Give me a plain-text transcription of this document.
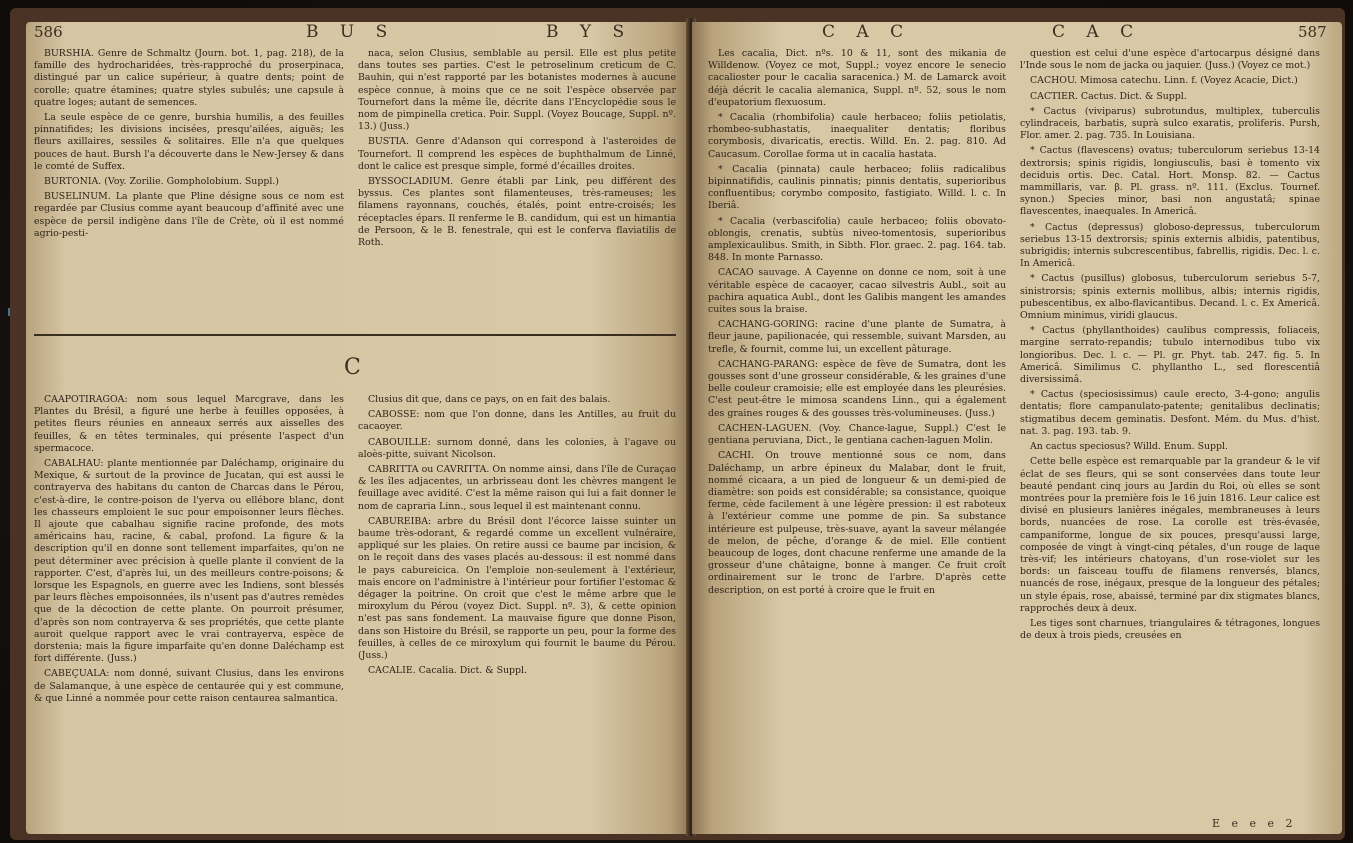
586	B U S	B Y S

BURSHIA. Genre de Schmaltz (Journ. bot. 1, pag. 218), de la famille des hydrocharidées, très-rapproché du proserpinaca, distingué par un calice supérieur, à quatre dents; point de corolle; quatre étamines; quatre styles subulés; une capsule à quatre loges; autant de semences.

La seule espèce de ce genre, burshia humilis, a des feuilles pinnatifides; les divisions incisées, presqu'ailées, aiguës; les fleurs axillaires, sessiles & solitaires. Elle n'a que quelques pouces de haut. Bursh l'a découverte dans le New-Jersey & dans le comté de Suffex.

BURTONIA. (Voy. Zorilie. Gompholobium. Suppl.)

BUSELINUM. La plante que Pline désigne sous ce nom est regardée par Clusius comme ayant beaucoup d'affinité avec une espèce de persil indigène dans l'île de Crète, où il est nommé agrio-pesti-

naca, selon Clusius, semblable au persil. Elle est plus petite dans toutes ses parties. C'est le petroselinum creticum de C. Bauhin, qui n'est rapporté par les botanistes modernes à aucune espèce connue, à moins que ce ne soit l'espèce observée par Tournefort dans la même île, décrite dans l'Encyclopédie sous le nom de pimpinella cretica. Poir. Suppl. (Voyez Boucage, Suppl. nº. 13.) (Juss.)

BUSTIA. Genre d'Adanson qui correspond à l'asteroides de Tournefort. Il comprend les espèces de buphthalmum de Linné, dont le calice est presque simple, formé d'écailles droites.

BYSSOCLADIUM. Genre établi par Link, peu différent des byssus. Ces plantes sont filamenteuses, très-rameuses; les filamens rayonnans, couchés, étalés, point entre-croisés; les réceptacles épars. Il renferme le B. candidum, qui est un himantia de Persoon, & le B. fenestrale, qui est le conferva flaviatilis de Roth.

C

CAAPOTIRAGOA: nom sous lequel Marcgrave, dans les Plantes du Brésil, a figuré une herbe à feuilles opposées, à petites fleurs réunies en anneaux serrés aux aisselles des feuilles, & en têtes terminales, qui présente l'aspect d'un spermacoce.

CABALHAU: plante mentionnée par Daléchamp, originaire du Mexique, & surtout de la province de Jucatan, qui est aussi le contrayerva des habitans du canton de Charcas dans le Pérou, c'est-à-dire, le contre-poison de l'yerva ou ellébore blanc, dont les chasseurs emploient le suc pour empoisonner leurs flèches. Il ajoute que cabalhau signifie racine profonde, des mots américains hau, racine, & cabal, profond. La figure & la description qu'il en donne sont tellement imparfaites, qu'on ne peut déterminer avec précision à quelle plante il convient de la rapporter. C'est, d'après lui, un des meilleurs contre-poisons; & lorsque les Espagnols, en guerre avec les Indiens, sont blessés par leurs flèches empoisonnées, ils n'usent pas d'autres remèdes que de la décoction de cette plante. On pourroit présumer, d'après son nom contrayerva & ses propriétés, que cette plante auroit quelque rapport avec le vrai contrayerva, espèce de dorstenia; mais la figure imparfaite qu'en donne Daléchamp est fort différente. (Juss.)

CABEÇUALA: nom donné, suivant Clusius, dans les environs de Salamanque, à une espèce de centaurée qui y est commune, & que Linné a nommée pour cette raison centaurea salmantica.

Clusius dit que, dans ce pays, on en fait des balais.

CABOSSE: nom que l'on donne, dans les Antilles, au fruit du cacaoyer.

CABOUILLE: surnom donné, dans les colonies, à l'agave ou aloès-pitte, suivant Nicolson.

CABRITTA ou CAVRITTA. On nomme ainsi, dans l'île de Curaçao & les îles adjacentes, un arbrisseau dont les chèvres mangent le feuillage avec avidité. C'est la même raison qui lui a fait donner le nom de capraria Linn., sous lequel il est maintenant connu.

CABUREIBA: arbre du Brésil dont l'écorce laisse suinter un baume très-odorant, & regardé comme un excellent vulnéraire, appliqué sur les plaies. On retire aussi ce baume par incision, & on le reçoit dans des vases placés au-dessous: il est nommé dans le pays cabureicica. On l'emploie non-seulement à l'extérieur, mais encore on l'administre à l'intérieur pour fortifier l'estomac & dégager la poitrine. On croit que c'est le même arbre que le miroxylum du Pérou (voyez Dict. Suppl. nº. 3), & cette opinion n'est pas sans fondement. La mauvaise figure que donne Pison, dans son Histoire du Brésil, se rapporte un peu, pour la forme des feuilles, à celles de ce miroxylum qui fournit le baume du Pérou. (Juss.)

CACALIE. Cacalia. Dict. & Suppl.

C A C	C A C	587

Les cacalia, Dict. nºs. 10 & 11, sont des mikania de Willdenow. (Voyez ce mot, Suppl.; voyez encore le senecio cacalioster pour le cacalia saracenica.) M. de Lamarck avoit déjà décrit le cacalia alemanica, Suppl. nº. 52, sous le nom d'eupatorium flexuosum.

* Cacalia (rhombifolia) caule herbaceo; foliis petiolatis, rhombeo-subhastatis, inaequaliter dentatis; floribus corymbosis, divaricatis, erectis. Willd. En. 2. pag. 810. Ad Caucasum. Corollae forma ut in cacalia hastata.

* Cacalia (pinnata) caule herbaceo; foliis radicalibus bipinnatifidis, caulinis pinnatis; pinnis dentatis, superioribus confluentibus; corymbo composito, fastigiato. Willd. l. c. In Iberiâ.

* Cacalia (verbascifolia) caule herbaceo; foliis obovato-oblongis, crenatis, subtùs niveo-tomentosis, superioribus amplexicaulibus. Smith, in Sibth. Flor. graec. 2. pag. 164. tab. 848. In monte Parnasso.

CACAO sauvage. A Cayenne on donne ce nom, soit à une véritable espèce de cacaoyer, cacao silvestris Aubl., soit au pachira aquatica Aubl., dont les Galibis mangent les amandes cuites sous la braise.

CACHANG-GORING: racine d'une plante de Sumatra, à fleur jaune, papilionacée, qui ressemble, suivant Marsden, au trefle, & fournit, comme lui, un excellent pâturage.

CACHANG-PARANG: espèce de fève de Sumatra, dont les gousses sont d'une grosseur considérable, & les graines d'une belle couleur cramoisie; elle est employée dans les pleurésies. C'est peut-être le mimosa scandens Linn., qui a également des graines rouges & des gousses très-volumineuses. (Juss.)

CACHEN-LAGUEN. (Voy. Chance-lague, Suppl.) C'est le gentiana peruviana, Dict., le gentiana cachen-laguen Molin.

CACHI. On trouve mentionné sous ce nom, dans Daléchamp, un arbre épineux du Malabar, dont le fruit, nommé cicaara, a un pied de longueur & un demi-pied de diamètre: son poids est considérable; sa consistance, quoique ferme, cède facilement à une légère pression: il est raboteux à l'extérieur comme une pomme de pin. Sa substance intérieure est pulpeuse, très-suave, ayant la saveur mélangée de melon, de pêche, d'orange & de miel. Elle contient beaucoup de loges, dont chacune renferme une amande de la grosseur d'une châtaigne, bonne à manger. Ce fruit croît ordinairement sur le tronc de l'arbre. D'après cette description, on est porté à croire que le fruit en

question est celui d'une espèce d'artocarpus désigné dans l'Inde sous le nom de jacka ou jaquier. (Juss.) (Voyez ce mot.)

CACHOU. Mimosa catechu. Linn. f. (Voyez Acacie, Dict.)

CACTIER. Cactus. Dict. & Suppl.

* Cactus (viviparus) subrotundus, multiplex, tuberculis cylindraceis, barbatis, suprà sulco exaratis, proliferis. Pursh, Flor. amer. 2. pag. 735. In Louisiana.

* Cactus (flavescens) ovatus; tuberculorum seriebus 13-14 dextrorsis; spinis rigidis, longiusculis, basi è tomento vix deciduis ortis. Dec. Catal. Hort. Monsp. 82. — Cactus mammillaris, var. β. Pl. grass. nº. 111. (Exclus. Tournef. synon.) Species minor, basi non angustatâ; spinae flavescentes, inaequales. In Americâ.

* Cactus (depressus) globoso-depressus, tuberculorum seriebus 13-15 dextrorsis; spinis externis albidis, patentibus, subrigidis; internis subcrescentibus, fabrellis, rigidis. Dec. l. c. In Americâ.

* Cactus (pusillus) globosus, tuberculorum seriebus 5-7, sinistrorsis; spinis externis mollibus, albis; internis rigidis, pubescentibus, ex albo-flavicantibus. Decand. l. c. Ex Americâ. Omnium minimus, viridi glaucus.

* Cactus (phyllanthoides) caulibus compressis, foliaceis, margine serrato-repandis; tubulo internodibus tubo vix longioribus. Dec. l. c. — Pl. gr. Phyt. tab. 247. fig. 5. In Americâ. Similimus C. phyllantho L., sed florescentiâ diversissimâ.

* Cactus (speciosissimus) caule erecto, 3-4-gono; angulis dentatis; flore campanulato-patente; genitalibus declinatis; stigmatibus decem geminatis. Desfont. Mém. du Mus. d'hist. nat. 3. pag. 193. tab. 9.

An cactus speciosus? Willd. Enum. Suppl.

Cette belle espèce est remarquable par la grandeur & le vif éclat de ses fleurs, qui se sont conservées dans toute leur beauté pendant cinq jours au Jardin du Roi, où elles se sont montrées pour la première fois le 16 juin 1816. Leur calice est divisé en plusieurs lanières inégales, membraneuses à leurs bords, nuancées de rose. La corolle est très-évasée, campaniforme, longue de six pouces, presqu'aussi large, composée de vingt à vingt-cinq pétales, d'un rouge de laque très-vif; les intérieurs chatoyans, d'un rose-violet sur les bords: un faisceau touffu de filamens renversés, blancs, nuancés de rose, inégaux, presque de la longueur des pétales; un style épais, rose, abaissé, terminé par dix stigmates blancs, rapprochés deux à deux.

Les tiges sont charnues, triangulaires & tétragones, longues de deux à trois pieds, creusées en

E e e e 2
